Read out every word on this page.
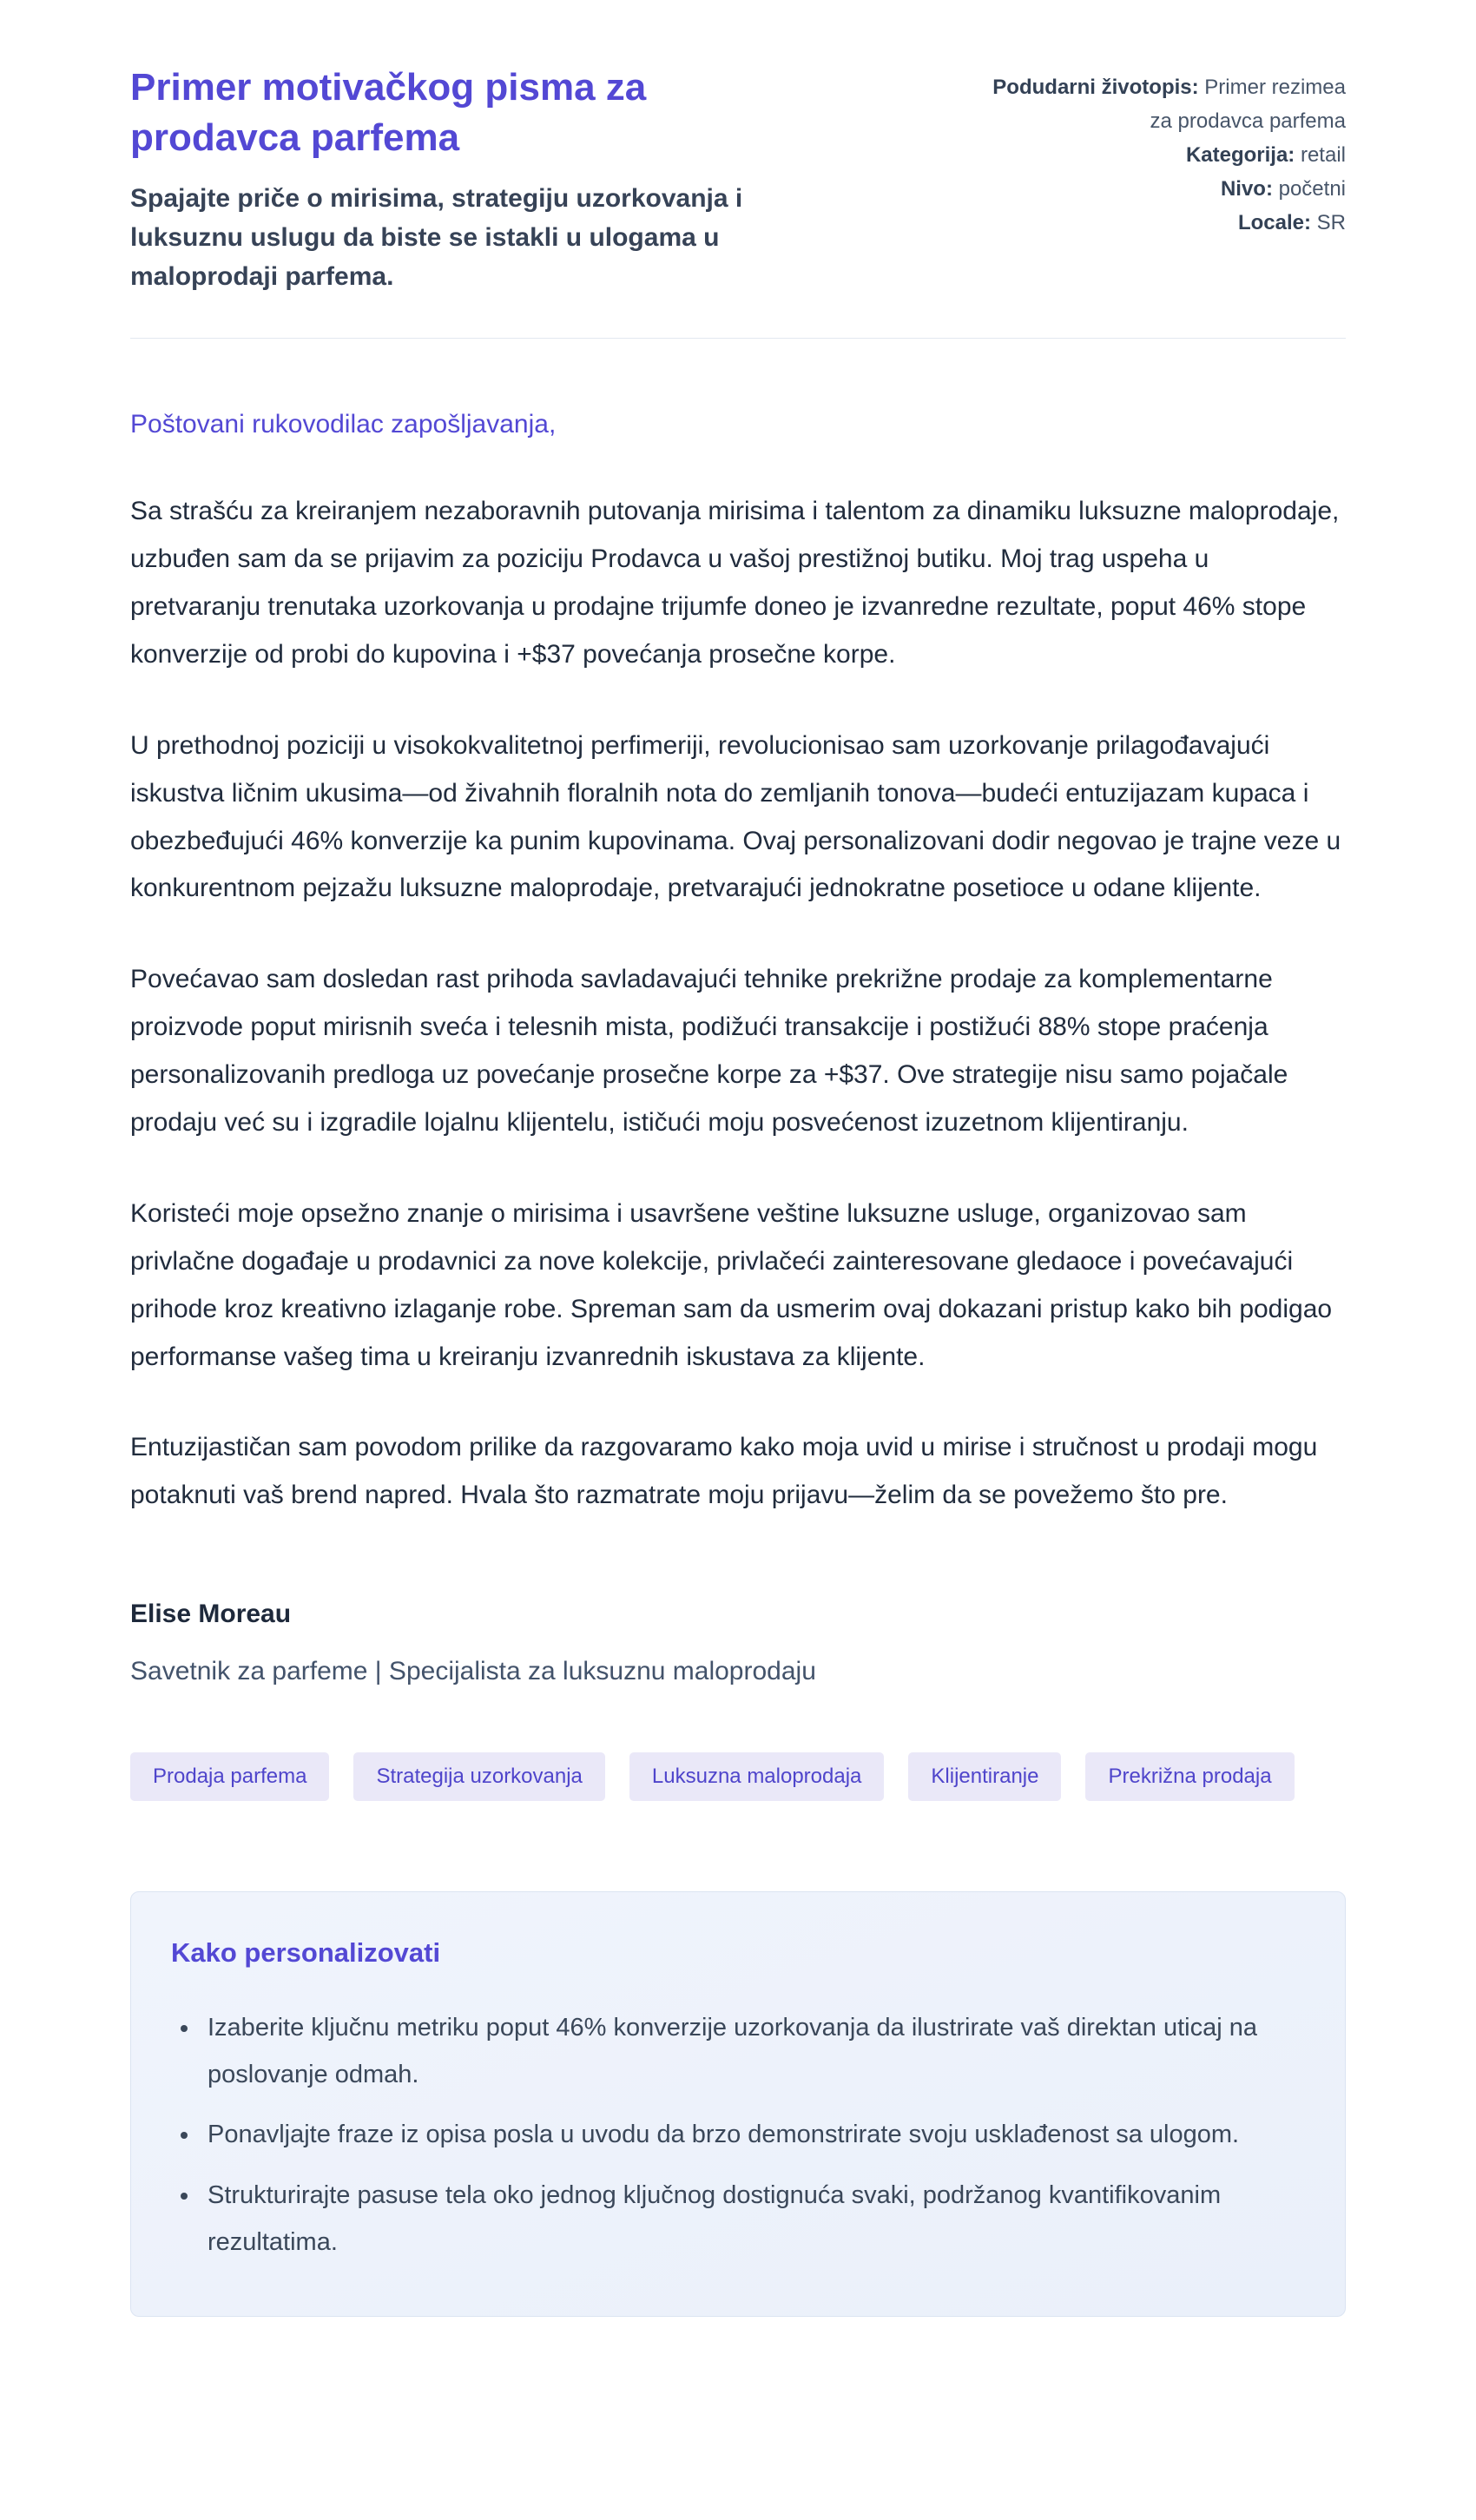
Primer motivačkog pisma za prodavca parfema
Spajajte priče o mirisima, strategiju uzorkovanja i luksuznu uslugu da biste se istakli u ulogama u maloprodaji parfema.
Podudarni životopis: Primer rezimea za prodavca parfema
Kategorija: retail
Nivo: početni
Locale: SR
Poštovani rukovodilac zapošljavanja,

Sa strašću za kreiranjem nezaboravnih putovanja mirisima i talentom za dinamiku luksuzne maloprodaje, uzbuđen sam da se prijavim za poziciju Prodavca u vašoj prestižnoj butiku. Moj trag uspeha u pretvaranju trenutaka uzorkovanja u prodajne trijumfe doneo je izvanredne rezultate, poput 46% stope konverzije od probi do kupovina i +$37 povećanja prosečne korpe.

U prethodnoj poziciji u visokokvalitetnoj perfimeriji, revolucionisao sam uzorkovanje prilagođavajući iskustva ličnim ukusima—od živahnih floralnih nota do zemljanih tonova—budeći entuzijazam kupaca i obezbeđujući 46% konverzije ka punim kupovinama. Ovaj personalizovani dodir negovao je trajne veze u konkurentnom pejzažu luksuzne maloprodaje, pretvarajući jednokratne posetioce u odane klijente.

Povećavao sam dosledan rast prihoda savladavajući tehnike prekrižne prodaje za komplementarne proizvode poput mirisnih sveća i telesnih mista, podižući transakcije i postižući 88% stope praćenja personalizovanih predloga uz povećanje prosečne korpe za +$37. Ove strategije nisu samo pojačale prodaju već su i izgradile lojalnu klijentelu, ističući moju posvećenost izuzetnom klijentiranju.

Koristeći moje opsežno znanje o mirisima i usavršene veštine luksuzne usluge, organizovao sam privlačne događaje u prodavnici za nove kolekcije, privlačeći zainteresovane gledaoce i povećavajući prihode kroz kreativno izlaganje robe. Spreman sam da usmerim ovaj dokazani pristup kako bih podigao performanse vašeg tima u kreiranju izvanrednih iskustava za klijente.

Entuzijastičan sam povodom prilike da razgovaramo kako moja uvid u mirise i stručnost u prodaji mogu potaknuti vaš brend napred. Hvala što razmatrate moju prijavu—želim da se povežemo što pre.

Elise Moreau
Savetnik za parfeme | Specijalista za luksuznu maloprodaju
Prodaja parfema	Strategija uzorkovanja	Luksuzna maloprodaja	Klijentiranje	Prekrižna prodaja
Kako personalizovati
• Izaberite ključnu metriku poput 46% konverzije uzorkovanja da ilustrirate vaš direktan uticaj na poslovanje odmah.
• Ponavljajte fraze iz opisa posla u uvodu da brzo demonstrirate svoju usklađenost sa ulogom.
• Strukturirajte pasuse tela oko jednog ključnog dostignuća svaki, podržanog kvantifikovanim rezultatima.
